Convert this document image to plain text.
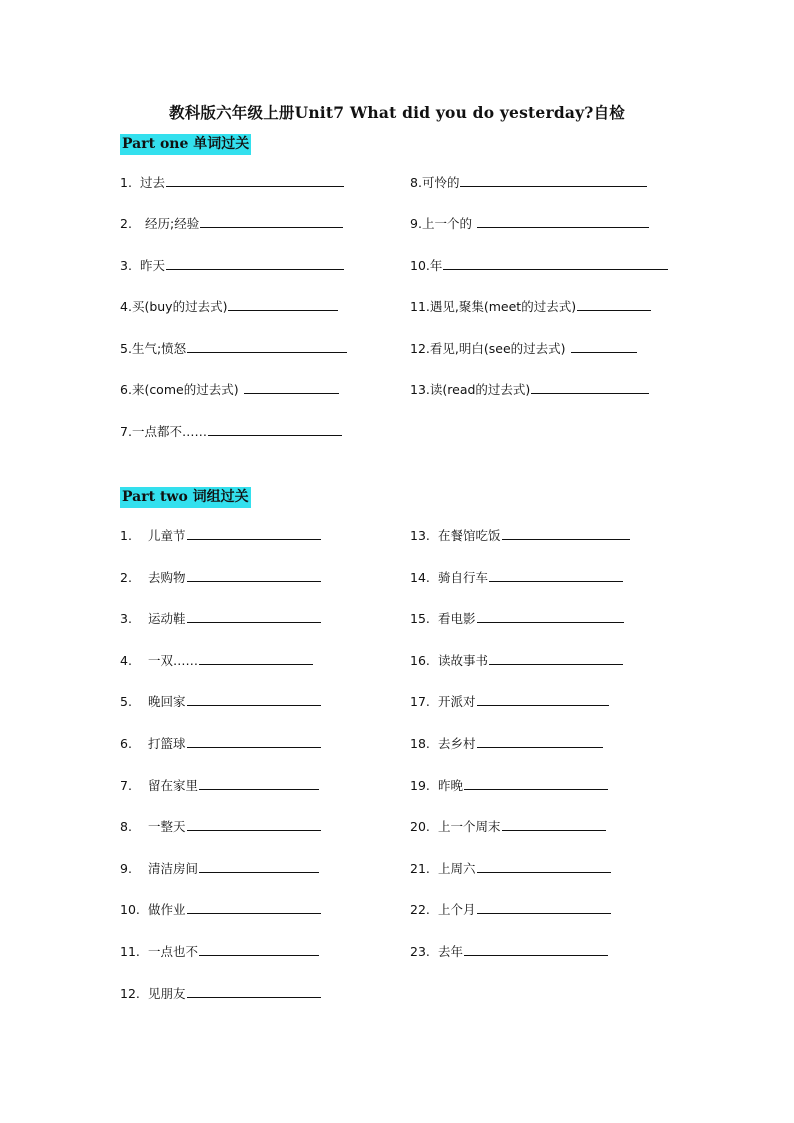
教科版六年级上册Unit7 What did you do yesterday?自检
Part one 单词过关
1. 过去
2. 经历;经验
3. 昨天
4.买(buy的过去式)
5.生气;愤怒
6.来(come的过去式)
7.一点都不……
8.可怜的
9.上一个的
10.年
11.遇见,聚集(meet的过去式)
12.看见,明白(see的过去式)
13.读(read的过去式)
Part two 词组过关
1. 儿童节
2. 去购物
3. 运动鞋
4. 一双……
5. 晚回家
6. 打篮球
7. 留在家里
8. 一整天
9. 清洁房间
10. 做作业
11. 一点也不
12. 见朋友
13. 在餐馆吃饭
14. 骑自行车
15. 看电影
16. 读故事书
17. 开派对
18. 去乡村
19. 昨晚
20. 上一个周末
21. 上周六
22. 上个月
23. 去年
